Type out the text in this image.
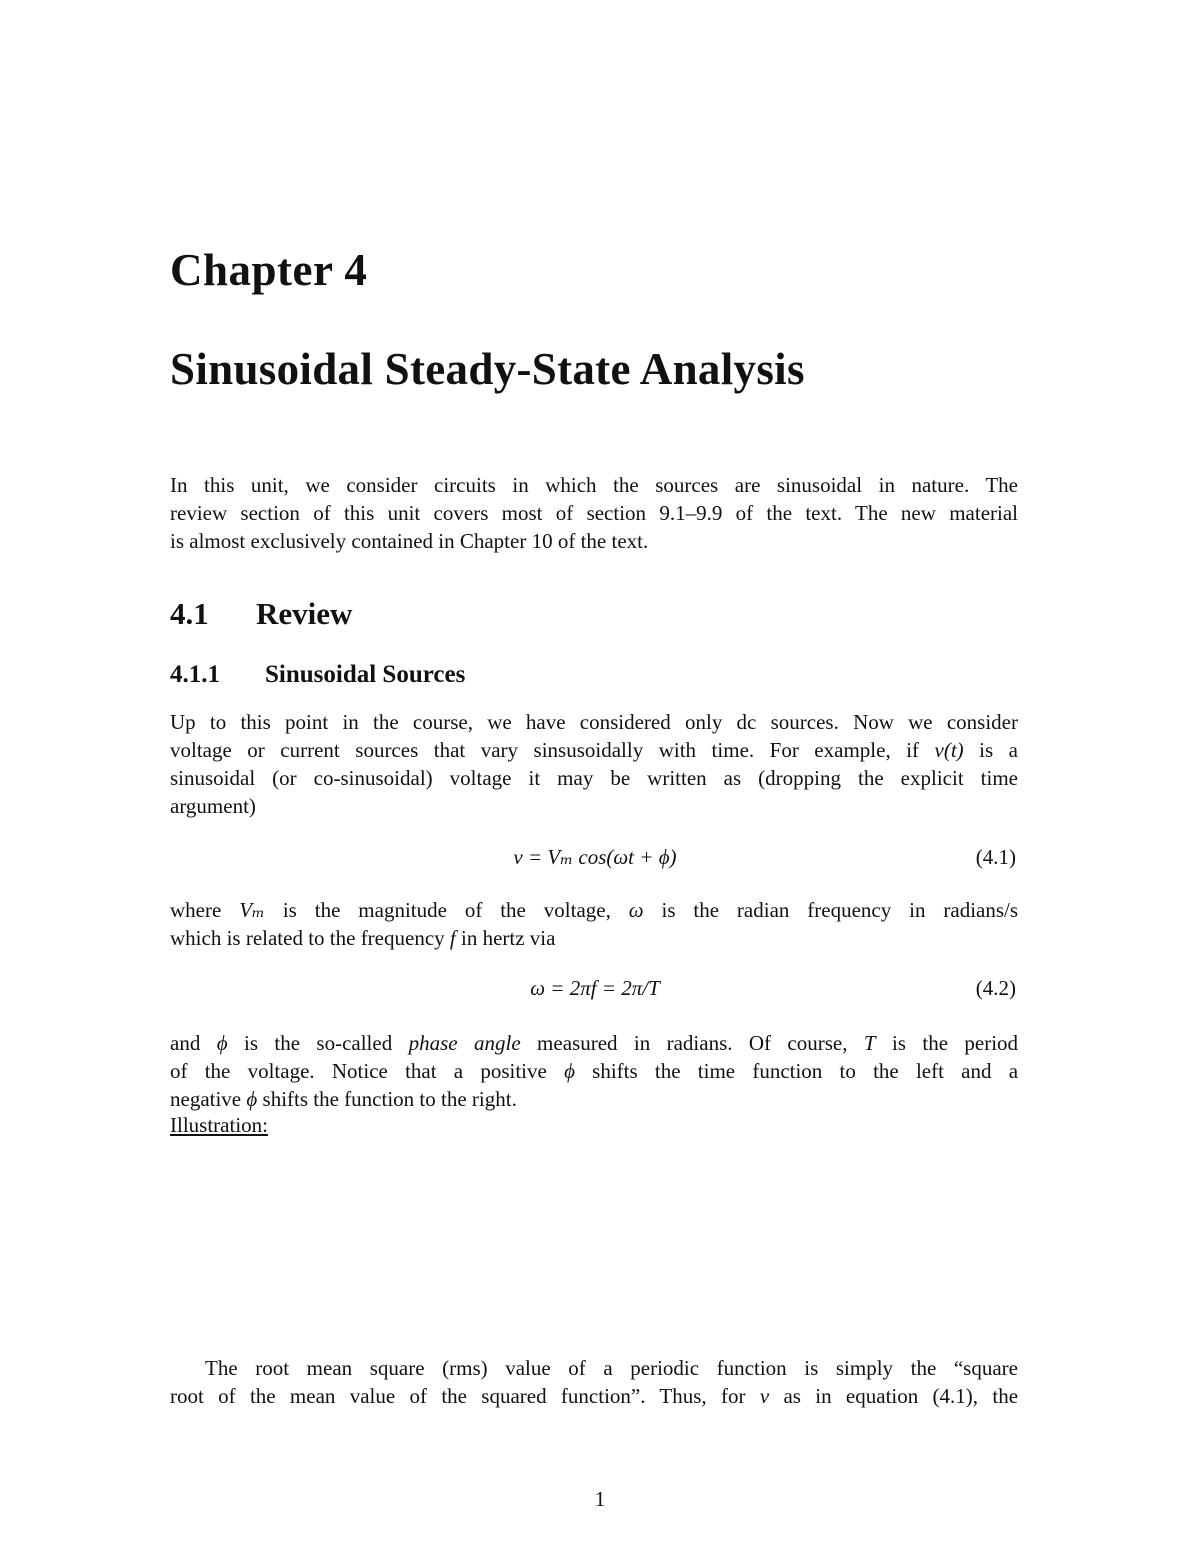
Chapter 4
Sinusoidal Steady-State Analysis
In this unit, we consider circuits in which the sources are sinusoidal in nature. The
review section of this unit covers most of section 9.1–9.9 of the text. The new material
is almost exclusively contained in Chapter 10 of the text.
4.1 Review
4.1.1 Sinusoidal Sources
Up to this point in the course, we have considered only dc sources. Now we consider
voltage or current sources that vary sinsusoidally with time. For example, if v(t) is a
sinusoidal (or co-sinusoidal) voltage it may be written as (dropping the explicit time
argument)
v = Vₘ cos(ωt + ϕ)	(4.1)
where Vₘ is the magnitude of the voltage, ω is the radian frequency in radians/s
which is related to the frequency f in hertz via
ω = 2πf = 2π/T	(4.2)
and ϕ is the so-called phase angle measured in radians. Of course, T is the period
of the voltage. Notice that a positive ϕ shifts the time function to the left and a
negative ϕ shifts the function to the right.
Illustration:
The root mean square (rms) value of a periodic function is simply the “square
root of the mean value of the squared function”. Thus, for v as in equation (4.1), the
1
